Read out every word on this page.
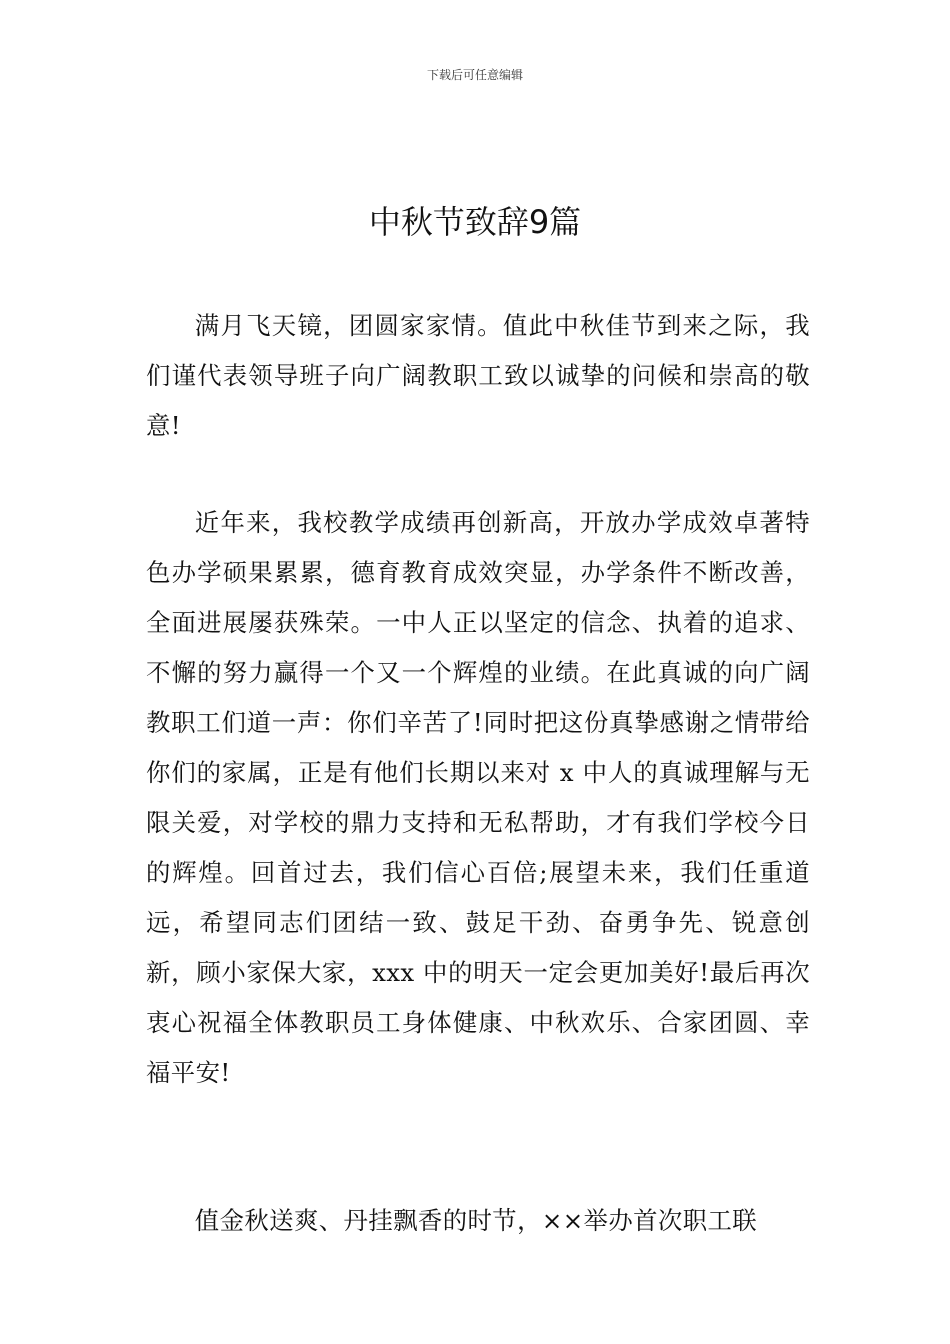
下载后可任意编辑
中秋节致辞9篇

满月飞天镜，团圆家家情。值此中秋佳节到来之际，我们谨代表领导班子向广阔教职工致以诚挚的问候和崇高的敬意!

近年来，我校教学成绩再创新高，开放办学成效卓著特色办学硕果累累，德育教育成效突显，办学条件不断改善，全面进展屡获殊荣。一中人正以坚定的信念、执着的追求、不懈的努力赢得一个又一个辉煌的业绩。在此真诚的向广阔教职工们道一声：你们辛苦了!同时把这份真挚感谢之情带给你们的家属，正是有他们长期以来对 x 中人的真诚理解与无限关爱，对学校的鼎力支持和无私帮助，才有我们学校今日的辉煌。回首过去，我们信心百倍;展望未来，我们任重道远，希望同志们团结一致、鼓足干劲、奋勇争先、锐意创新，顾小家保大家，xxx 中的明天一定会更加美好!最后再次衷心祝福全体教职员工身体健康、中秋欢乐、合家团圆、幸福平安!

值金秋送爽、丹挂飘香的时节，××举办首次职工联
